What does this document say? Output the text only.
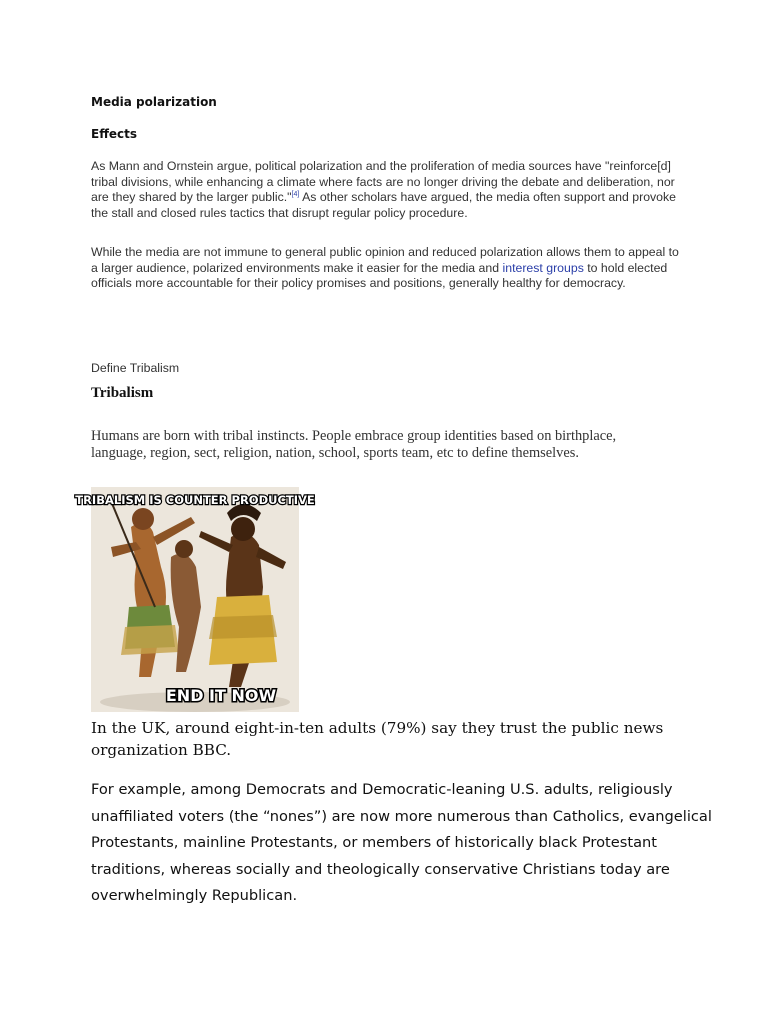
Media polarization
Effects

As Mann and Ornstein argue, political polarization and the proliferation of media sources have "reinforce[d] tribal divisions, while enhancing a climate where facts are no longer driving the debate and deliberation, nor are they shared by the larger public."[4] As other scholars have argued, the media often support and provoke the stall and closed rules tactics that disrupt regular policy procedure.

While the media are not immune to general public opinion and reduced polarization allows them to appeal to a larger audience, polarized environments make it easier for the media and interest groups to hold elected officials more accountable for their policy promises and positions, generally healthy for democracy.

Define Tribalism

Tribalism

Humans are born with tribal instincts. People embrace group identities based on birthplace, language, region, sect, religion, nation, school, sports team, etc to define themselves.

TRIBALISM IS COUNTER PRODUCTIVE
END IT NOW

In the UK, around eight-in-ten adults (79%) say they trust the public news organization BBC.

For example, among Democrats and Democratic-leaning U.S. adults, religiously unaffiliated voters (the “nones”) are now more numerous than Catholics, evangelical Protestants, mainline Protestants, or members of historically black Protestant traditions, whereas socially and theologically conservative Christians today are overwhelmingly Republican.
